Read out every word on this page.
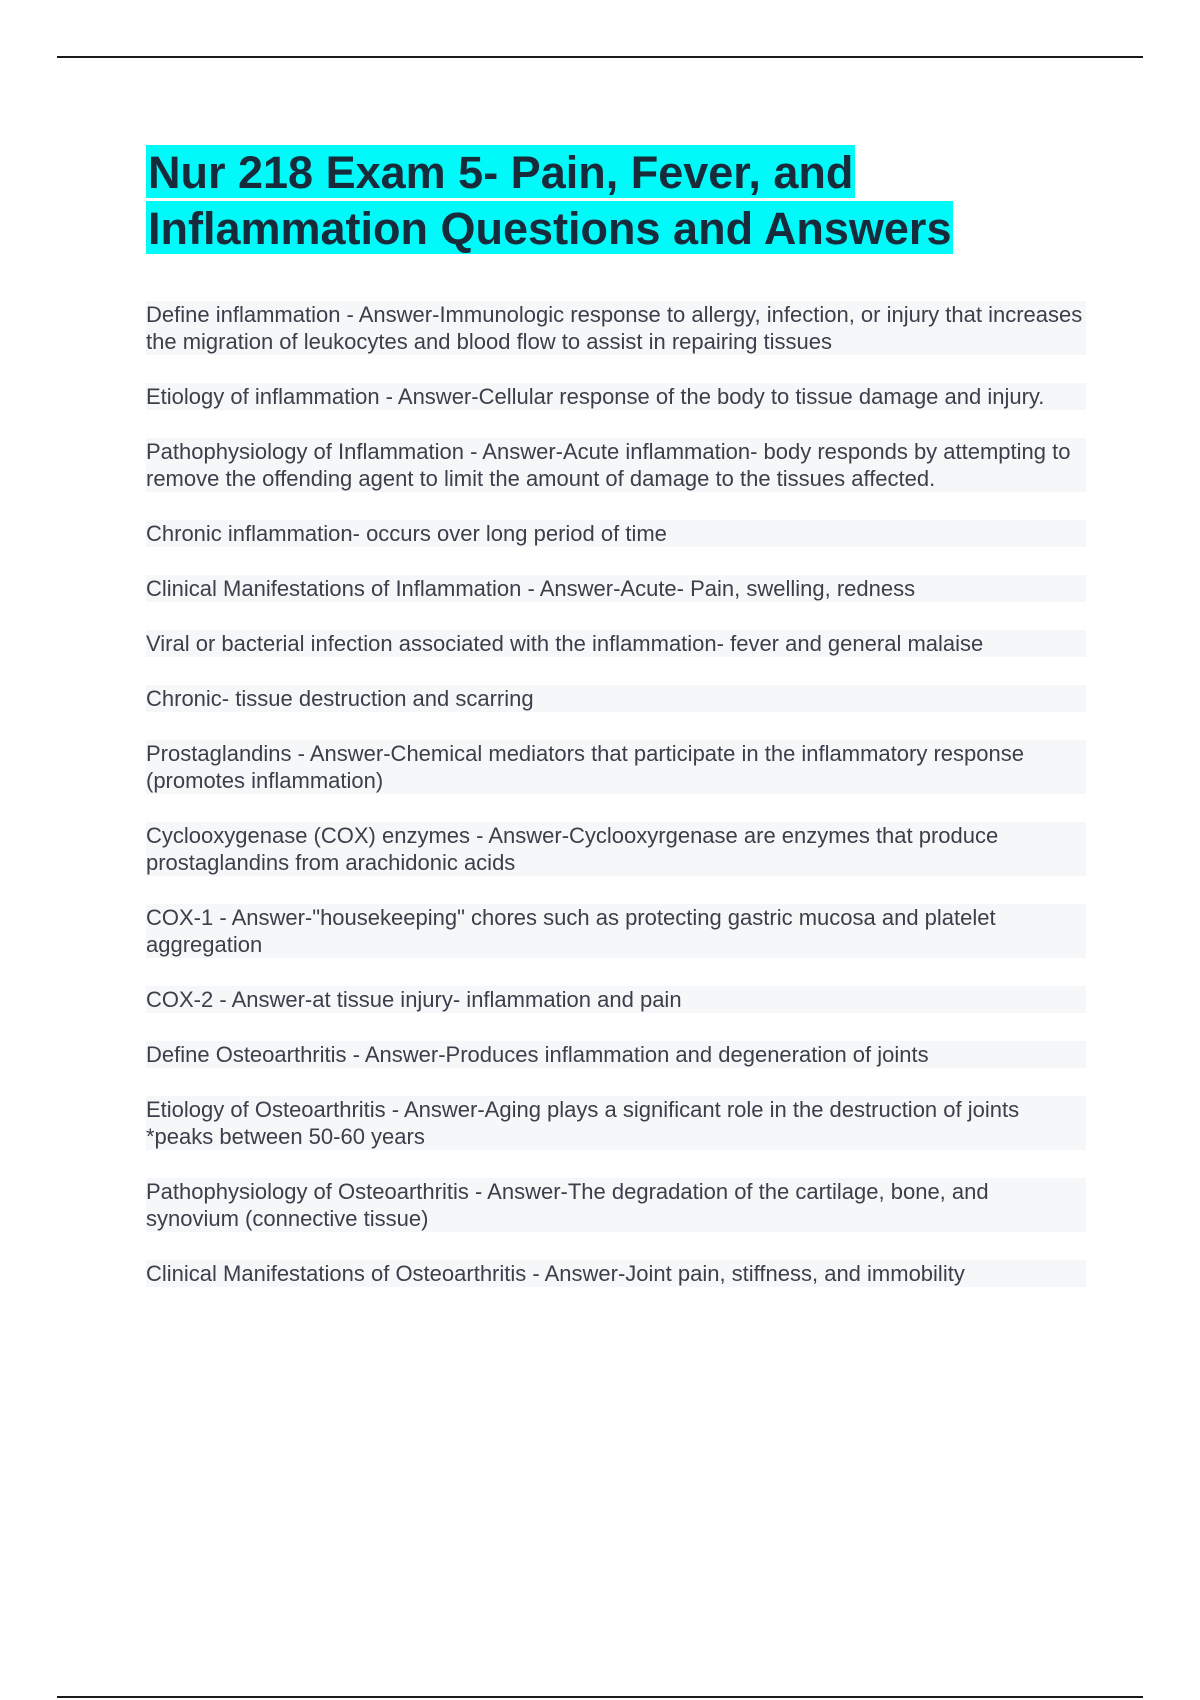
Nur 218 Exam 5- Pain, Fever, and
Inflammation Questions and Answers

Define inflammation - Answer-Immunologic response to allergy, infection, or injury that increases the migration of leukocytes and blood flow to assist in repairing tissues

Etiology of inflammation - Answer-Cellular response of the body to tissue damage and injury.

Pathophysiology of Inflammation - Answer-Acute inflammation- body responds by attempting to remove the offending agent to limit the amount of damage to the tissues affected.

Chronic inflammation- occurs over long period of time

Clinical Manifestations of Inflammation - Answer-Acute- Pain, swelling, redness

Viral or bacterial infection associated with the inflammation- fever and general malaise

Chronic- tissue destruction and scarring

Prostaglandins - Answer-Chemical mediators that participate in the inflammatory response (promotes inflammation)

Cyclooxygenase (COX) enzymes - Answer-Cyclooxyrgenase are enzymes that produce prostaglandins from arachidonic acids

COX-1 - Answer-"housekeeping" chores such as protecting gastric mucosa and platelet aggregation

COX-2 - Answer-at tissue injury- inflammation and pain

Define Osteoarthritis - Answer-Produces inflammation and degeneration of joints

Etiology of Osteoarthritis - Answer-Aging plays a significant role in the destruction of joints
*peaks between 50-60 years

Pathophysiology of Osteoarthritis - Answer-The degradation of the cartilage, bone, and synovium (connective tissue)

Clinical Manifestations of Osteoarthritis - Answer-Joint pain, stiffness, and immobility
